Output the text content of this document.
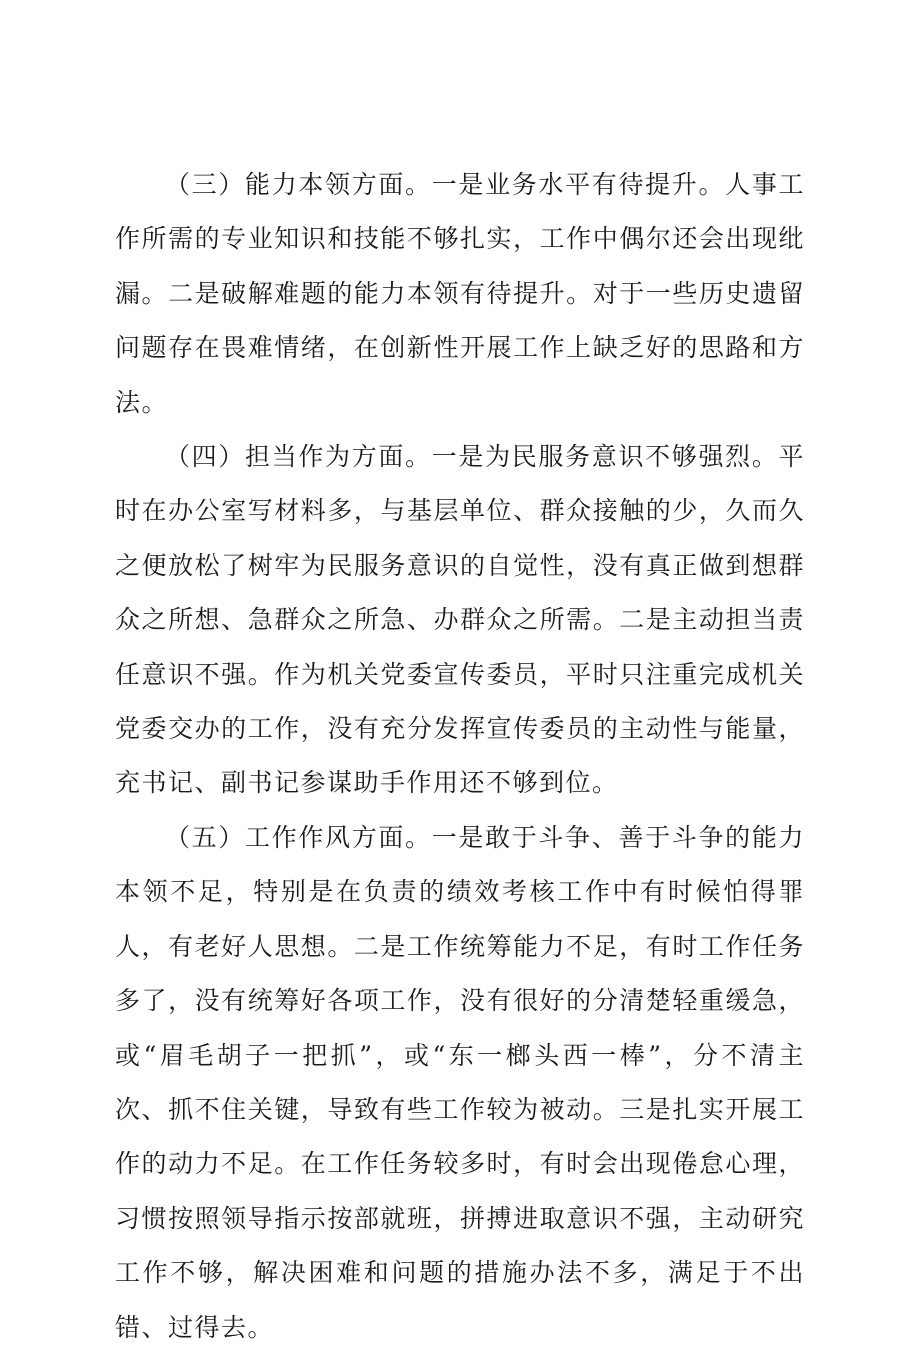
（三）能力本领方面。一是业务水平有待提升。人事工作所需的专业知识和技能不够扎实，工作中偶尔还会出现纰漏。二是破解难题的能力本领有待提升。对于一些历史遗留问题存在畏难情绪，在创新性开展工作上缺乏好的思路和方法。

（四）担当作为方面。一是为民服务意识不够强烈。平时在办公室写材料多，与基层单位、群众接触的少，久而久之便放松了树牢为民服务意识的自觉性，没有真正做到想群众之所想、急群众之所急、办群众之所需。二是主动担当责任意识不强。作为机关党委宣传委员，平时只注重完成机关党委交办的工作，没有充分发挥宣传委员的主动性与能量，充书记、副书记参谋助手作用还不够到位。

（五）工作作风方面。一是敢于斗争、善于斗争的能力本领不足，特别是在负责的绩效考核工作中有时候怕得罪人，有老好人思想。二是工作统筹能力不足，有时工作任务多了，没有统筹好各项工作，没有很好的分清楚轻重缓急，或“眉毛胡子一把抓”，或“东一榔头西一棒”，分不清主次、抓不住关键，导致有些工作较为被动。三是扎实开展工作的动力不足。在工作任务较多时，有时会出现倦怠心理，习惯按照领导指示按部就班，拼搏进取意识不强，主动研究工作不够，解决困难和问题的措施办法不多，满足于不出错、过得去。
